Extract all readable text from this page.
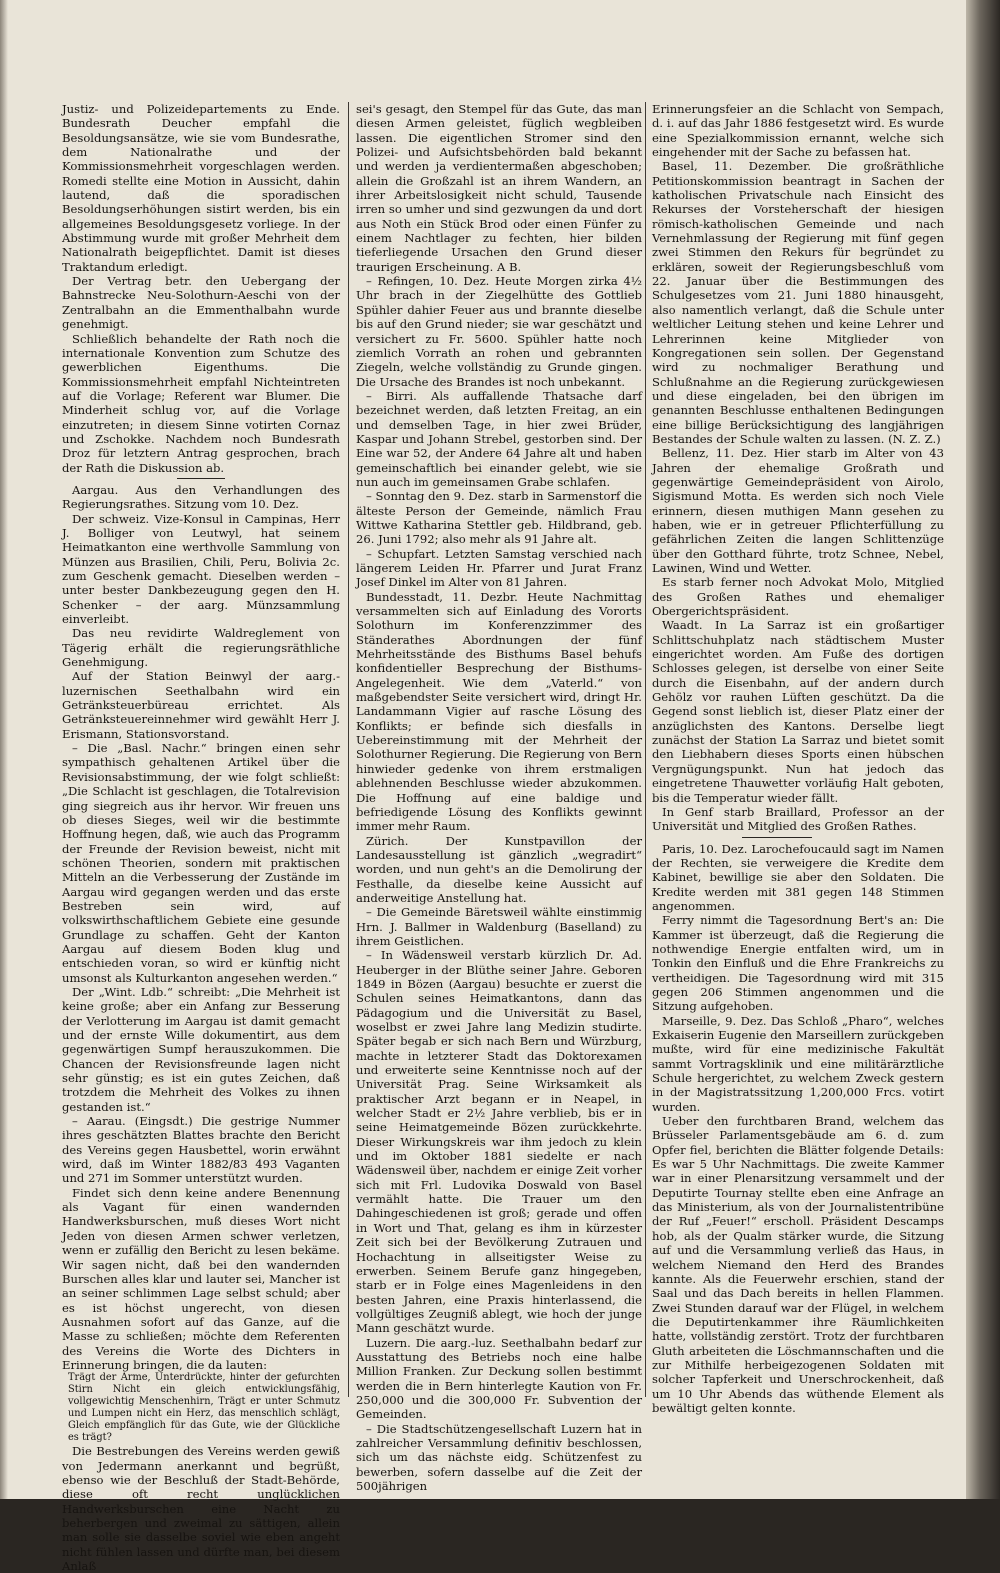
Justiz- und Polizeidepartements zu Ende. Bundesrath Deucher empfahl die Besoldungsansätze, wie sie vom Bundesrathe, dem Nationalrathe und der Kommissionsmehrheit vorgeschlagen werden. Romedi stellte eine Motion in Aussicht, dahin lautend, daß die sporadischen Besoldungserhöhungen sistirt werden, bis ein allgemeines Besoldungsgesetz vorliege. In der Abstimmung wurde mit großer Mehrheit dem Nationalrath beigepflichtet. Damit ist dieses Traktandum erledigt.

Der Vertrag betr. den Uebergang der Bahnstrecke Neu-Solothurn-Aeschi von der Zentralbahn an die Emmenthalbahn wurde genehmigt.

Schließlich behandelte der Rath noch die internationale Konvention zum Schutze des gewerblichen Eigenthums. Die Kommissionsmehrheit empfahl Nichteintreten auf die Vorlage; Referent war Blumer. Die Minderheit schlug vor, auf die Vorlage einzutreten; in diesem Sinne votirten Cornaz und Zschokke. Nachdem noch Bundesrath Droz für letztern Antrag gesprochen, brach der Rath die Diskussion ab.

Aargau. Aus den Verhandlungen des Regierungsrathes. Sitzung vom 10. Dez.

Der schweiz. Vize-Konsul in Campinas, Herr J. Bolliger von Leutwyl, hat seinem Heimatkanton eine werthvolle Sammlung von Münzen aus Brasilien, Chili, Peru, Bolivia 2c. zum Geschenk gemacht. Dieselben werden – unter bester Dankbezeugung gegen den H. Schenker – der aarg. Münzsammlung einverleibt.

Das neu revidirte Waldreglement von Tägerig erhält die regierungsräthliche Genehmigung.

Auf der Station Beinwyl der aarg.-luzernischen Seethalbahn wird ein Getränksteuerbüreau errichtet. Als Getränksteuereinnehmer wird gewählt Herr J. Erismann, Stationsvorstand.

– Die „Basl. Nachr.“ bringen einen sehr sympathisch gehaltenen Artikel über die Revisionsabstimmung, der wie folgt schließt: „Die Schlacht ist geschlagen, die Totalrevision ging siegreich aus ihr hervor. Wir freuen uns ob dieses Sieges, weil wir die bestimmte Hoffnung hegen, daß, wie auch das Programm der Freunde der Revision beweist, nicht mit schönen Theorien, sondern mit praktischen Mitteln an die Verbesserung der Zustände im Aargau wird gegangen werden und das erste Bestreben sein wird, auf volkswirthschaftlichem Gebiete eine gesunde Grundlage zu schaffen. Geht der Kanton Aargau auf diesem Boden klug und entschieden voran, so wird er künftig nicht umsonst als Kulturkanton angesehen werden.“

Der „Wint. Ldb.“ schreibt: „Die Mehrheit ist keine große; aber ein Anfang zur Besserung der Verlotterung im Aargau ist damit gemacht und der ernste Wille dokumentirt, aus dem gegenwärtigen Sumpf herauszukommen. Die Chancen der Revisionsfreunde lagen nicht sehr günstig; es ist ein gutes Zeichen, daß trotzdem die Mehrheit des Volkes zu ihnen gestanden ist.“

– Aarau. (Eingsdt.) Die gestrige Nummer ihres geschätzten Blattes brachte den Bericht des Vereins gegen Hausbettel, worin erwähnt wird, daß im Winter 1882/83 493 Vaganten und 271 im Sommer unterstützt wurden.

Findet sich denn keine andere Benennung als Vagant für einen wandernden Handwerksburschen, muß dieses Wort nicht Jeden von diesen Armen schwer verletzen, wenn er zufällig den Bericht zu lesen bekäme. Wir sagen nicht, daß bei den wandernden Burschen alles klar und lauter sei, Mancher ist an seiner schlimmen Lage selbst schuld; aber es ist höchst ungerecht, von diesen Ausnahmen sofort auf das Ganze, auf die Masse zu schließen; möchte dem Referenten des Vereins die Worte des Dichters in Erinnerung bringen, die da lauten:

Trägt der Arme, Unterdrückte, hinter der gefurchten Stirn Nicht ein gleich entwicklungsfähig, vollgewichtig Menschenhirn, Trägt er unter Schmutz und Lumpen nicht ein Herz, das menschlich schlägt, Gleich empfänglich für das Gute, wie der Glückliche es trägt?

Die Bestrebungen des Vereins werden gewiß von Jedermann anerkannt und begrüßt, ebenso wie der Beschluß der Stadt-Behörde, diese oft recht unglücklichen Handwerksburschen eine Nacht zu beherbergen und zweimal zu sättigen, allein man solle sie dasselbe soviel wie eben angeht nicht fühlen lassen und dürfte man, bei diesem Anlaß

sei's gesagt, den Stempel für das Gute, das man diesen Armen geleistet, füglich wegbleiben lassen. Die eigentlichen Stromer sind den Polizei- und Aufsichtsbehörden bald bekannt und werden ja verdientermaßen abgeschoben; allein die Großzahl ist an ihrem Wandern, an ihrer Arbeitslosigkeit nicht schuld, Tausende irren so umher und sind gezwungen da und dort aus Noth ein Stück Brod oder einen Fünfer zu einem Nachtlager zu fechten, hier bilden tieferliegende Ursachen den Grund dieser traurigen Erscheinung. A B.

– Refingen, 10. Dez. Heute Morgen zirka 4½ Uhr brach in der Ziegelhütte des Gottlieb Spühler dahier Feuer aus und brannte dieselbe bis auf den Grund nieder; sie war geschätzt und versichert zu Fr. 5600. Spühler hatte noch ziemlich Vorrath an rohen und gebrannten Ziegeln, welche vollständig zu Grunde gingen. Die Ursache des Brandes ist noch unbekannt.

– Birri. Als auffallende Thatsache darf bezeichnet werden, daß letzten Freitag, an ein und demselben Tage, in hier zwei Brüder, Kaspar und Johann Strebel, gestorben sind. Der Eine war 52, der Andere 64 Jahre alt und haben gemeinschaftlich bei einander gelebt, wie sie nun auch im gemeinsamen Grabe schlafen.

– Sonntag den 9. Dez. starb in Sarmenstorf die älteste Person der Gemeinde, nämlich Frau Wittwe Katharina Stettler geb. Hildbrand, geb. 26. Juni 1792; also mehr als 91 Jahre alt.

– Schupfart. Letzten Samstag verschied nach längerem Leiden Hr. Pfarrer und Jurat Franz Josef Dinkel im Alter von 81 Jahren.

Bundesstadt, 11. Dezbr. Heute Nachmittag versammelten sich auf Einladung des Vororts Solothurn im Konferenzzimmer des Ständerathes Abordnungen der fünf Mehrheitsstände des Bisthums Basel behufs konfidentieller Besprechung der Bisthums-Angelegenheit. Wie dem „Vaterld.“ von maßgebendster Seite versichert wird, dringt Hr. Landammann Vigier auf rasche Lösung des Konflikts; er befinde sich diesfalls in Uebereinstimmung mit der Mehrheit der Solothurner Regierung. Die Regierung von Bern hinwieder gedenke von ihrem erstmaligen ablehnenden Beschlusse wieder abzukommen. Die Hoffnung auf eine baldige und befriedigende Lösung des Konflikts gewinnt immer mehr Raum.

Zürich. Der Kunstpavillon der Landesausstellung ist gänzlich „wegradirt“ worden, und nun geht's an die Demolirung der Festhalle, da dieselbe keine Aussicht auf anderweitige Anstellung hat.

– Die Gemeinde Bäretsweil wählte einstimmig Hrn. J. Ballmer in Waldenburg (Baselland) zu ihrem Geistlichen.

– In Wädensweil verstarb kürzlich Dr. Ad. Heuberger in der Blüthe seiner Jahre. Geboren 1849 in Bözen (Aargau) besuchte er zuerst die Schulen seines Heimatkantons, dann das Pädagogium und die Universität zu Basel, woselbst er zwei Jahre lang Medizin studirte. Später begab er sich nach Bern und Würzburg, machte in letzterer Stadt das Doktorexamen und erweiterte seine Kenntnisse noch auf der Universität Prag. Seine Wirksamkeit als praktischer Arzt begann er in Neapel, in welcher Stadt er 2½ Jahre verblieb, bis er in seine Heimatgemeinde Bözen zurückkehrte. Dieser Wirkungskreis war ihm jedoch zu klein und im Oktober 1881 siedelte er nach Wädensweil über, nachdem er einige Zeit vorher sich mit Frl. Ludovika Doswald von Basel vermählt hatte. Die Trauer um den Dahingeschiedenen ist groß; gerade und offen in Wort und That, gelang es ihm in kürzester Zeit sich bei der Bevölkerung Zutrauen und Hochachtung in allseitigster Weise zu erwerben. Seinem Berufe ganz hingegeben, starb er in Folge eines Magenleidens in den besten Jahren, eine Praxis hinterlassend, die vollgültiges Zeugniß ablegt, wie hoch der junge Mann geschätzt wurde.

Luzern. Die aarg.-luz. Seethalbahn bedarf zur Ausstattung des Betriebs noch eine halbe Million Franken. Zur Deckung sollen bestimmt werden die in Bern hinterlegte Kaution von Fr. 250,000 und die 300,000 Fr. Subvention der Gemeinden.

– Die Stadtschützengesellschaft Luzern hat in zahlreicher Versammlung definitiv beschlossen, sich um das nächste eidg. Schützenfest zu bewerben, sofern dasselbe auf die Zeit der 500jährigen

Erinnerungsfeier an die Schlacht von Sempach, d. i. auf das Jahr 1886 festgesetzt wird. Es wurde eine Spezialkommission ernannt, welche sich eingehender mit der Sache zu befassen hat.

Basel, 11. Dezember. Die großräthliche Petitionskommission beantragt in Sachen der katholischen Privatschule nach Einsicht des Rekurses der Vorsteherschaft der hiesigen römisch-katholischen Gemeinde und nach Vernehmlassung der Regierung mit fünf gegen zwei Stimmen den Rekurs für begründet zu erklären, soweit der Regierungsbeschluß vom 22. Januar über die Bestimmungen des Schulgesetzes vom 21. Juni 1880 hinausgeht, also namentlich verlangt, daß die Schule unter weltlicher Leitung stehen und keine Lehrer und Lehrerinnen keine Mitglieder von Kongregationen sein sollen. Der Gegenstand wird zu nochmaliger Berathung und Schlußnahme an die Regierung zurückgewiesen und diese eingeladen, bei den übrigen im genannten Beschlusse enthaltenen Bedingungen eine billige Berücksichtigung des langjährigen Bestandes der Schule walten zu lassen. (N. Z. Z.)

Bellenz, 11. Dez. Hier starb im Alter von 43 Jahren der ehemalige Großrath und gegenwärtige Gemeindepräsident von Airolo, Sigismund Motta. Es werden sich noch Viele erinnern, diesen muthigen Mann gesehen zu haben, wie er in getreuer Pflichterfüllung zu gefährlichen Zeiten die langen Schlittenzüge über den Gotthard führte, trotz Schnee, Nebel, Lawinen, Wind und Wetter.

Es starb ferner noch Advokat Molo, Mitglied des Großen Rathes und ehemaliger Obergerichtspräsident.

Waadt. In La Sarraz ist ein großartiger Schlittschuhplatz nach städtischem Muster eingerichtet worden. Am Fuße des dortigen Schlosses gelegen, ist derselbe von einer Seite durch die Eisenbahn, auf der andern durch Gehölz vor rauhen Lüften geschützt. Da die Gegend sonst lieblich ist, dieser Platz einer der anzüglichsten des Kantons. Derselbe liegt zunächst der Station La Sarraz und bietet somit den Liebhabern dieses Sports einen hübschen Vergnügungspunkt. Nun hat jedoch das eingetretene Thauwetter vorläufig Halt geboten, bis die Temperatur wieder fällt.

In Genf starb Braillard, Professor an der Universität und Mitglied des Großen Rathes.

Paris, 10. Dez. Larochefoucauld sagt im Namen der Rechten, sie verweigere die Kredite dem Kabinet, bewillige sie aber den Soldaten. Die Kredite werden mit 381 gegen 148 Stimmen angenommen.

Ferry nimmt die Tagesordnung Bert's an: Die Kammer ist überzeugt, daß die Regierung die nothwendige Energie entfalten wird, um in Tonkin den Einfluß und die Ehre Frankreichs zu vertheidigen. Die Tagesordnung wird mit 315 gegen 206 Stimmen angenommen und die Sitzung aufgehoben.

Marseille, 9. Dez. Das Schloß „Pharo“, welches Exkaiserin Eugenie den Marseillern zurückgeben mußte, wird für eine medizinische Fakultät sammt Vortragsklinik und eine militärärztliche Schule hergerichtet, zu welchem Zweck gestern in der Magistratssitzung 1,200,000 Frcs. votirt wurden.

Ueber den furchtbaren Brand, welchem das Brüsseler Parlamentsgebäude am 6. d. zum Opfer fiel, berichten die Blätter folgende Details: Es war 5 Uhr Nachmittags. Die zweite Kammer war in einer Plenarsitzung versammelt und der Deputirte Tournay stellte eben eine Anfrage an das Ministerium, als von der Journalistentribüne der Ruf „Feuer!“ erscholl. Präsident Descamps hob, als der Qualm stärker wurde, die Sitzung auf und die Versammlung verließ das Haus, in welchem Niemand den Herd des Brandes kannte. Als die Feuerwehr erschien, stand der Saal und das Dach bereits in hellen Flammen. Zwei Stunden darauf war der Flügel, in welchem die Deputirtenkammer ihre Räumlichkeiten hatte, vollständig zerstört. Trotz der furchtbaren Gluth arbeiteten die Löschmannschaften und die zur Mithilfe herbeigezogenen Soldaten mit solcher Tapferkeit und Unerschrockenheit, daß um 10 Uhr Abends das wüthende Element als bewältigt gelten konnte.
